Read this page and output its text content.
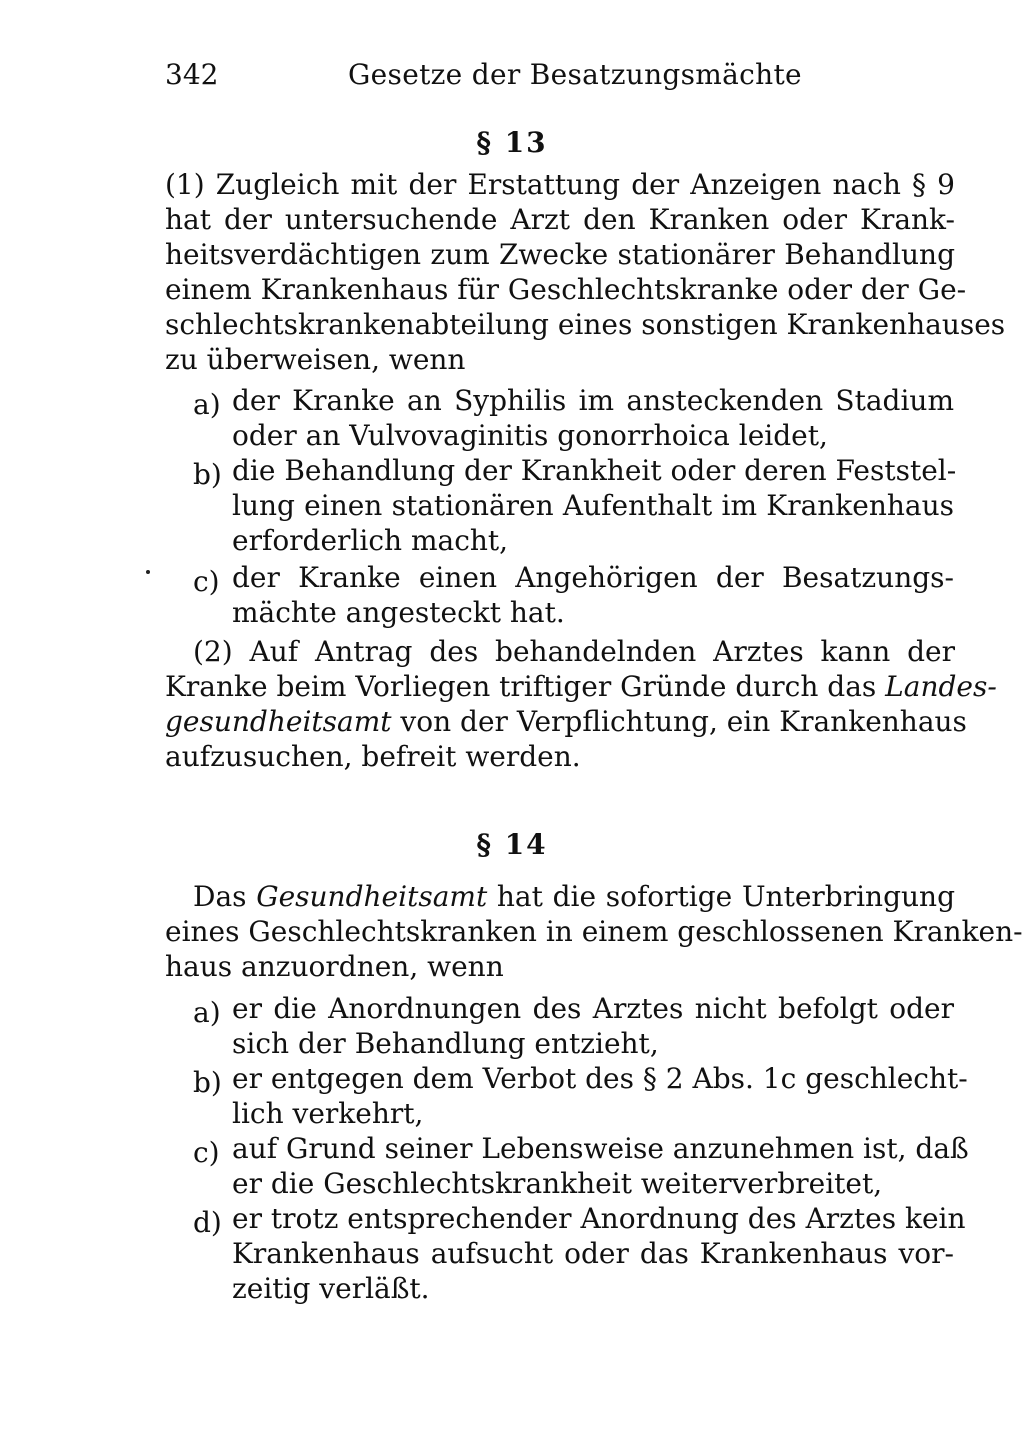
342	Gesetze der Besatzungsmächte
§ 13
(1) Zugleich mit der Erstattung der Anzeigen nach § 9
hat der untersuchende Arzt den Kranken oder Krank-
heitsverdächtigen zum Zwecke stationärer Behandlung
einem Krankenhaus für Geschlechtskranke oder der Ge-
schlechtskrankenabteilung eines sonstigen Krankenhauses
zu überweisen, wenn
a) der Kranke an Syphilis im ansteckenden Stadium
oder an Vulvovaginitis gonorrhoica leidet,
b) die Behandlung der Krankheit oder deren Feststel-
lung einen stationären Aufenthalt im Krankenhaus
erforderlich macht,
c) der Kranke einen Angehörigen der Besatzungs-
mächte angesteckt hat.
(2) Auf Antrag des behandelnden Arztes kann der
Kranke beim Vorliegen triftiger Gründe durch das Landes-
gesundheitsamt von der Verpflichtung, ein Krankenhaus
aufzusuchen, befreit werden.
§ 14
Das Gesundheitsamt hat die sofortige Unterbringung
eines Geschlechtskranken in einem geschlossenen Kranken-
haus anzuordnen, wenn
a) er die Anordnungen des Arztes nicht befolgt oder
sich der Behandlung entzieht,
b) er entgegen dem Verbot des § 2 Abs. 1c geschlecht-
lich verkehrt,
c) auf Grund seiner Lebensweise anzunehmen ist, daß
er die Geschlechtskrankheit weiterverbreitet,
d) er trotz entsprechender Anordnung des Arztes kein
Krankenhaus aufsucht oder das Krankenhaus vor-
zeitig verläßt.
